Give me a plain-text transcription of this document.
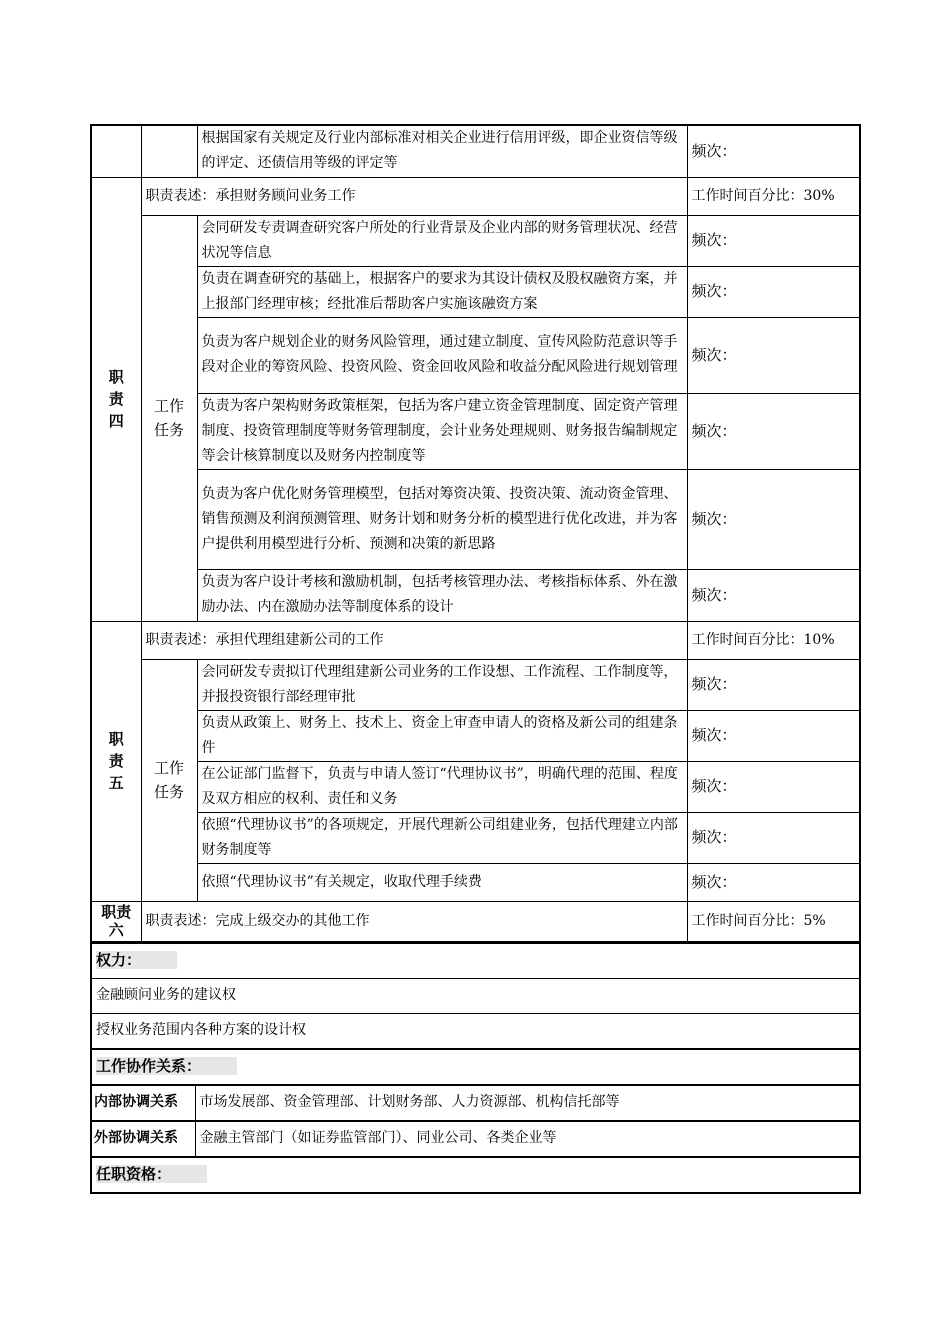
		根据国家有关规定及行业内部标准对相关企业进行信用评级，即企业资信等级的评定、还债信用等级的评定等	频次：

职
责
四	职责表述：承担财务顾问业务工作		工作时间百分比：30%

	工作
任务	会同研发专责调查研究客户所处的行业背景及企业内部的财务管理状况、经营状况等信息	频次：
		负责在调查研究的基础上，根据客户的要求为其设计债权及股权融资方案，并上报部门经理审核；经批准后帮助客户实施该融资方案	频次：
		负责为客户规划企业的财务风险管理，通过建立制度、宣传风险防范意识等手段对企业的筹资风险、投资风险、资金回收风险和收益分配风险进行规划管理	频次：
		负责为客户架构财务政策框架，包括为客户建立资金管理制度、固定资产管理制度、投资管理制度等财务管理制度，会计业务处理规则、财务报告编制规定等会计核算制度以及财务内控制度等	频次：
		负责为客户优化财务管理模型，包括对筹资决策、投资决策、流动资金管理、销售预测及利润预测管理、财务计划和财务分析的模型进行优化改进，并为客户提供利用模型进行分析、预测和决策的新思路	频次：
		负责为客户设计考核和激励机制，包括考核管理办法、考核指标体系、外在激励办法、内在激励办法等制度体系的设计	频次：

职
责
五	职责表述：承担代理组建新公司的工作		工作时间百分比：10%

	工作
任务	会同研发专责拟订代理组建新公司业务的工作设想、工作流程、工作制度等，并报投资银行部经理审批	频次：
		负责从政策上、财务上、技术上、资金上审查申请人的资格及新公司的组建条件	频次：
		在公证部门监督下，负责与申请人签订“代理协议书”，明确代理的范围、程度及双方相应的权利、责任和义务	频次：
		依照“代理协议书”的各项规定，开展代理新公司组建业务，包括代理建立内部财务制度等	频次：
		依照“代理协议书”有关规定，收取代理手续费	频次：

职责
六	职责表述：完成上级交办的其他工作		工作时间百分比：5%
权力：	
金融顾问业务的建议权	
授权业务范围内各种方案的设计权	
工作协作关系：	
内部协调关系	市场发展部、资金管理部、计划财务部、人力资源部、机构信托部等
外部协调关系	金融主管部门（如证券监管部门）、同业公司、各类企业等
任职资格：	
